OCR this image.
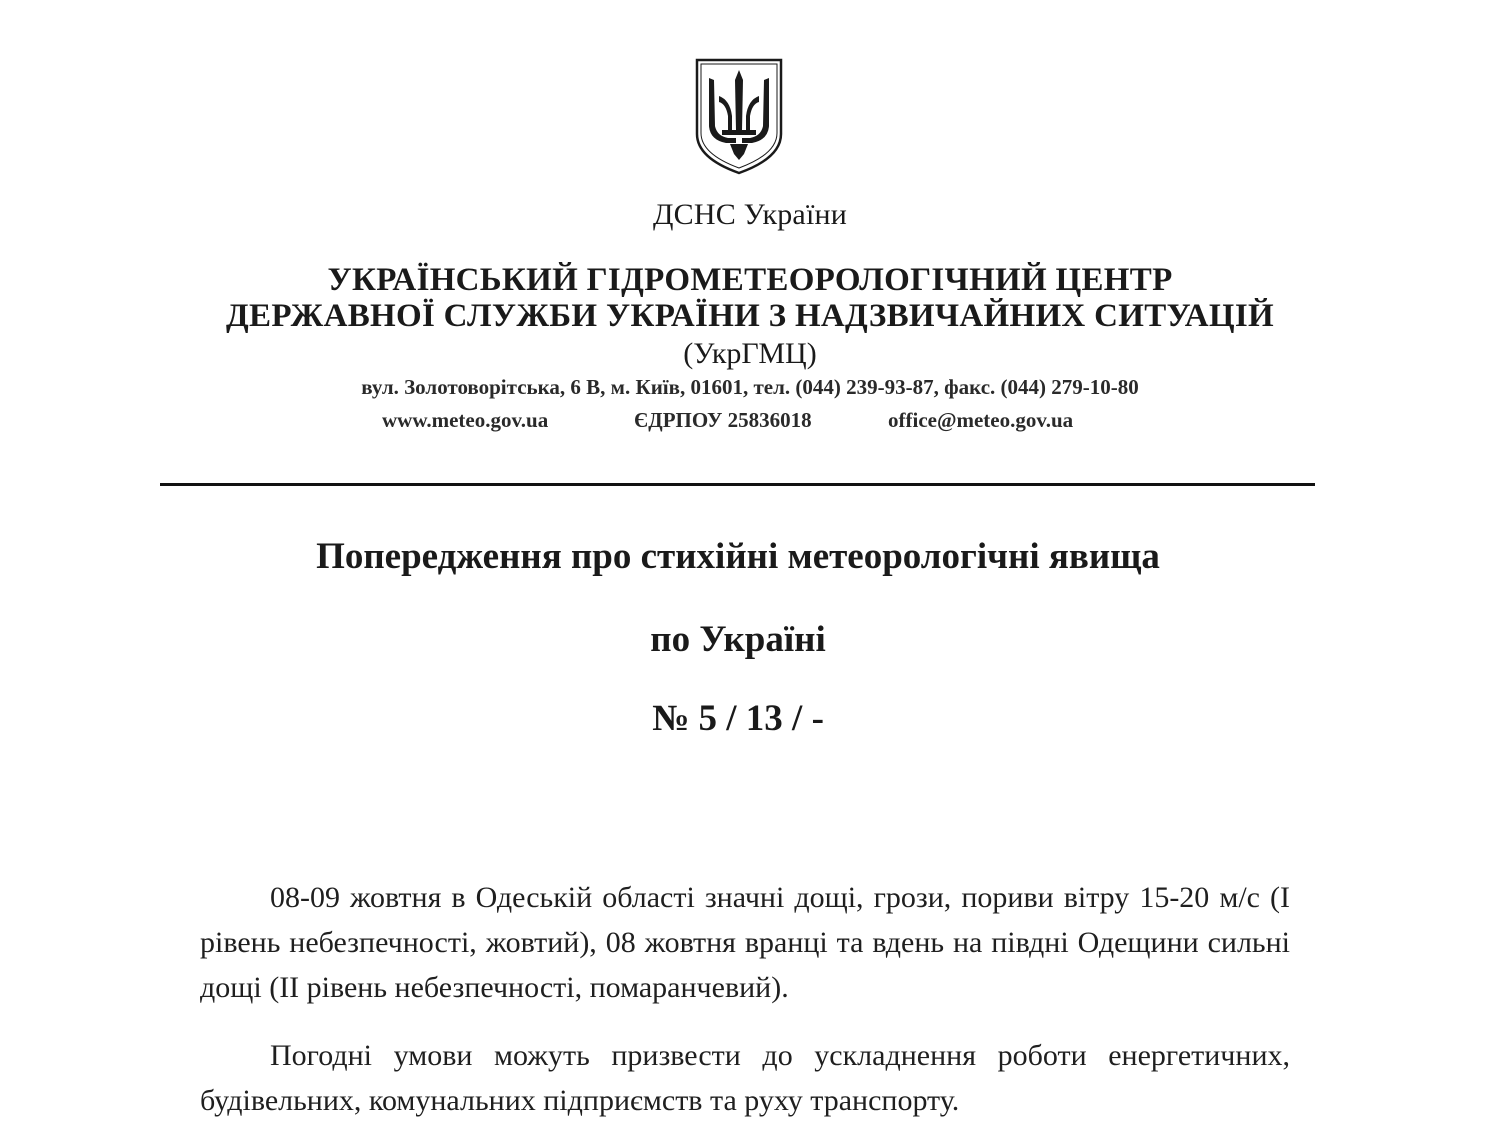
ДСНС України
УКРАЇНСЬКИЙ ГІДРОМЕТЕОРОЛОГІЧНИЙ ЦЕНТР
ДЕРЖАВНОЇ СЛУЖБИ УКРАЇНИ З НАДЗВИЧАЙНИХ СИТУАЦІЙ
(УкрГМЦ)
вул. Золотоворітська, 6 В, м. Київ, 01601, тел. (044) 239-93-87, факс. (044) 279-10-80
www.meteo.gov.ua	ЄДРПОУ 25836018	office@meteo.gov.ua
Попередження про стихійні метеорологічні явища
по Україні
№ 5 / 13 / -

08-09 жовтня в Одеській області значні дощі, грози, пориви вітру 15-20 м/с (І рівень небезпечності, жовтий), 08 жовтня вранці та вдень на півдні Одещини сильні дощі (ІІ рівень небезпечності, помаранчевий).

Погодні умови можуть призвести до ускладнення роботи енергетичних, будівельних, комунальних підприємств та руху транспорту.
